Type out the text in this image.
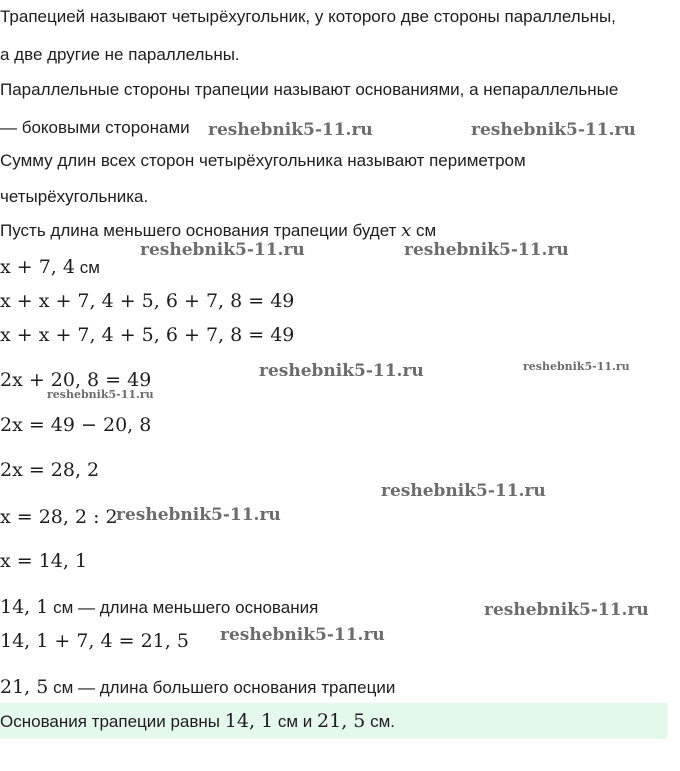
Трапецией называют четырёхугольник, у которого две стороны параллельны,

а две другие не параллельны.

Параллельные стороны трапеции называют основаниями, а непараллельные

— боковыми сторонами

Сумму длин всех сторон четырёхугольника называют периметром

четырёхугольника.

Пусть длина меньшего основания трапеции будет x см

x + 7, 4 см

x + x + 7, 4 + 5, 6 + 7, 8 = 49

x + x + 7, 4 + 5, 6 + 7, 8 = 49

2x + 20, 8 = 49

2x = 49 − 20, 8

2x = 28, 2

x = 28, 2 : 2

x = 14, 1

14, 1 см — длина меньшего основания

14, 1 + 7, 4 = 21, 5

21, 5 см — длина большего основания трапеции

Основания трапеции равны 14, 1 см и 21, 5 см.

reshebnik5-11.ru	reshebnik5-11.ru
reshebnik5-11.ru	reshebnik5-11.ru
reshebnik5-11.ru	reshebnik5-11.ru
reshebnik5-11.ru
reshebnik5-11.ru
reshebnik5-11.ru
reshebnik5-11.ru
reshebnik5-11.ru
